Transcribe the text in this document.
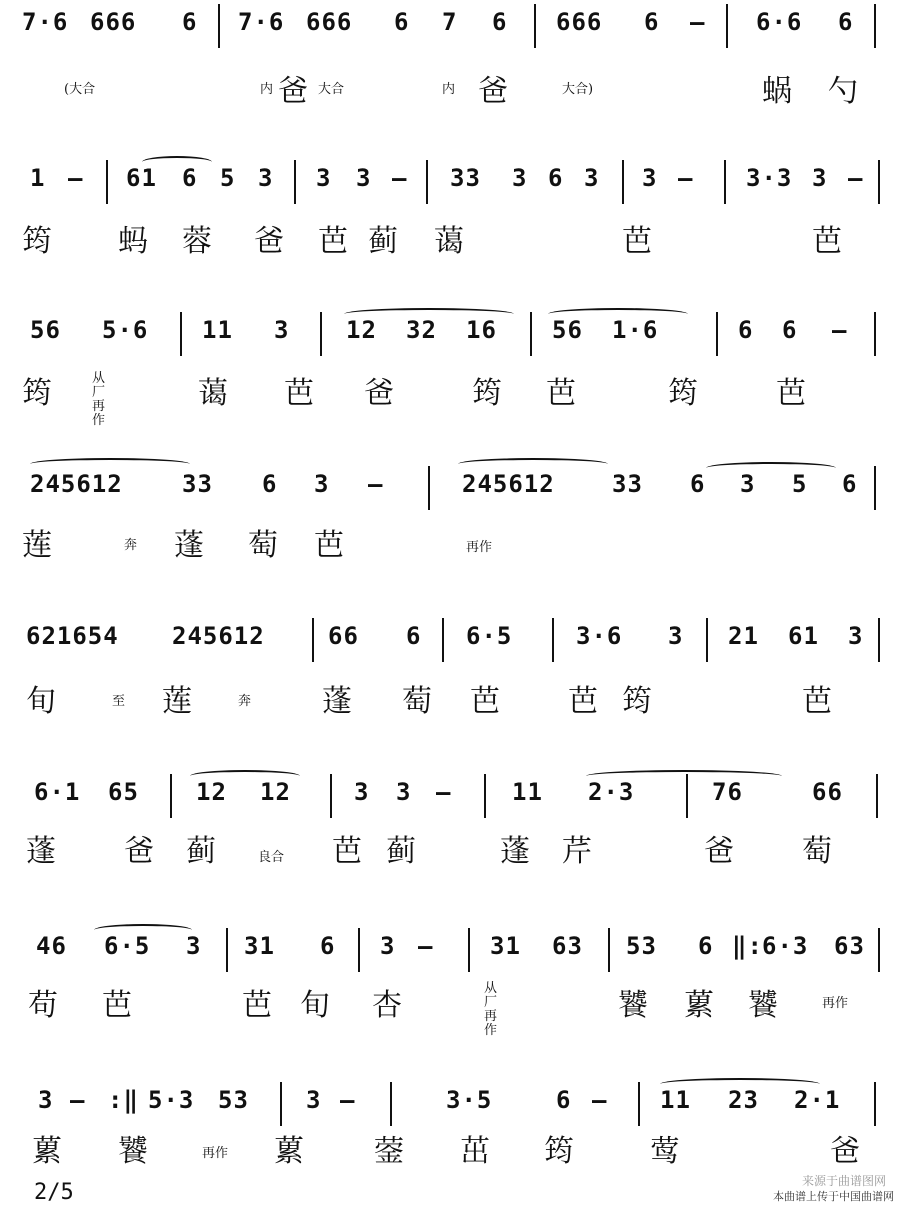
7·6 666 6 7·6 666 6 7 6 666 6 — 6·6 6
(大合	内 爸 大合	内 爸	大合)	蜗 勺
1 — 61 6 5 3 3 3 — 33 3 6 3 3 — 3·3 3 —
筠 蚂 蓉 爸 芭 蓟 蔼	芭	芭
56 5·6 11 3 12 32 16 56 1·6	6 6 —
筠	从厂再作
蔼 芭 爸	筠 芭	筠	芭
245612 33 6 3 —	245612 33 6 3 5 6
莲	奔 蓬 萄 芭	再作
621654 245612	66 6 6·5	3·6 3 21 61 3
旬	至 莲	奔 蓬 萄 芭 芭 筠	芭
6·1 65 12 12	3 3 —	11 2·3	76	66
蓬 爸 蓟	良合 芭 蓟	蓬 芹	爸 萄
46 6·5 3 31 6 3 — 31 63 53 6 ‖: 6·3 63
苟 芭	芭 旬 杏	从厂再作
饕 蔂 饕	再作
3 — :‖ 5·3 53 3 —	3·5	6 — 11 23 2·1
蔂 饕	再作 蔂 蓥 茁 筠	莺	爸
2/5	来源于曲谱图网
本曲谱上传于中国曲谱网
